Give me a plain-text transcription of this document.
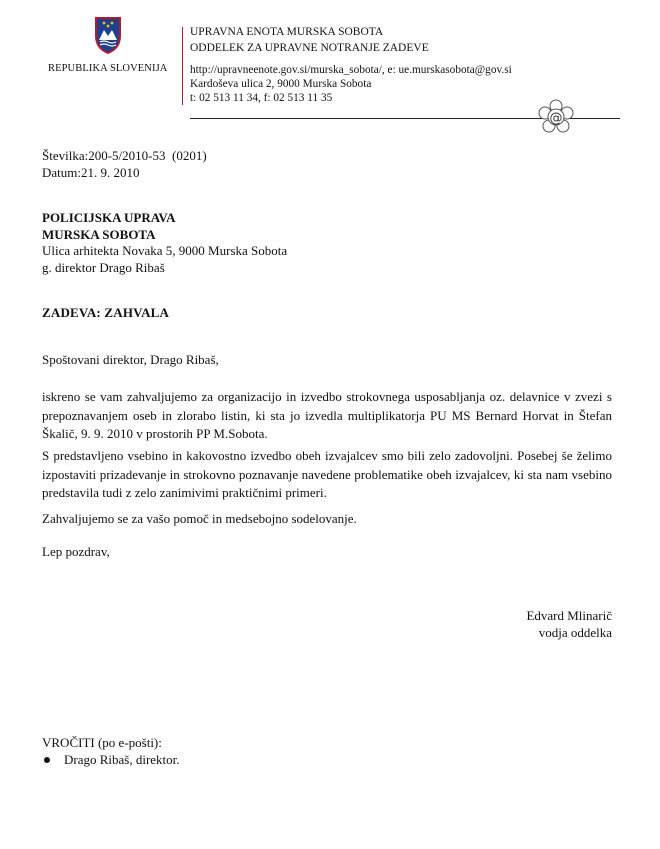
REPUBLIKA SLOVENIJA
UPRAVNA ENOTA MURSKA SOBOTA
ODDELEK ZA UPRAVNE NOTRANJE ZADEVE
http://upravneenote.gov.si/murska_sobota/, e: ue.murskasobota@gov.si
Kardoševa ulica 2, 9000 Murska Sobota
t: 02 513 11 34, f: 02 513 11 35
@
Številka:200-5/2010-53  (0201)
Datum:21. 9. 2010
POLICIJSKA UPRAVA
MURSKA SOBOTA
Ulica arhitekta Novaka 5, 9000 Murska Sobota
g. direktor Drago Ribaš
ZADEVA: ZAHVALA
Spoštovani direktor, Drago Ribaš,
iskreno se vam zahvaljujemo za organizacijo in izvedbo strokovnega usposabljanja oz. delavnice v zvezi s prepoznavanjem oseb in zlorabo listin, ki sta jo izvedla multiplikatorja PU MS Bernard Horvat in Štefan Škalič, 9. 9. 2010 v prostorih PP M.Sobota.
S predstavljeno vsebino in kakovostno izvedbo obeh izvajalcev smo bili zelo zadovoljni. Posebej še želimo izpostaviti prizadevanje in strokovno poznavanje navedene problematike obeh izvajalcev, ki sta nam vsebino predstavila tudi z zelo zanimivimi praktičnimi primeri.
Zahvaljujemo se za vašo pomoč in medsebojno sodelovanje.
Lep pozdrav,
Edvard Mlinarič
vodja oddelka
VROČITI (po e-pošti):
Drago Ribaš, direktor.
